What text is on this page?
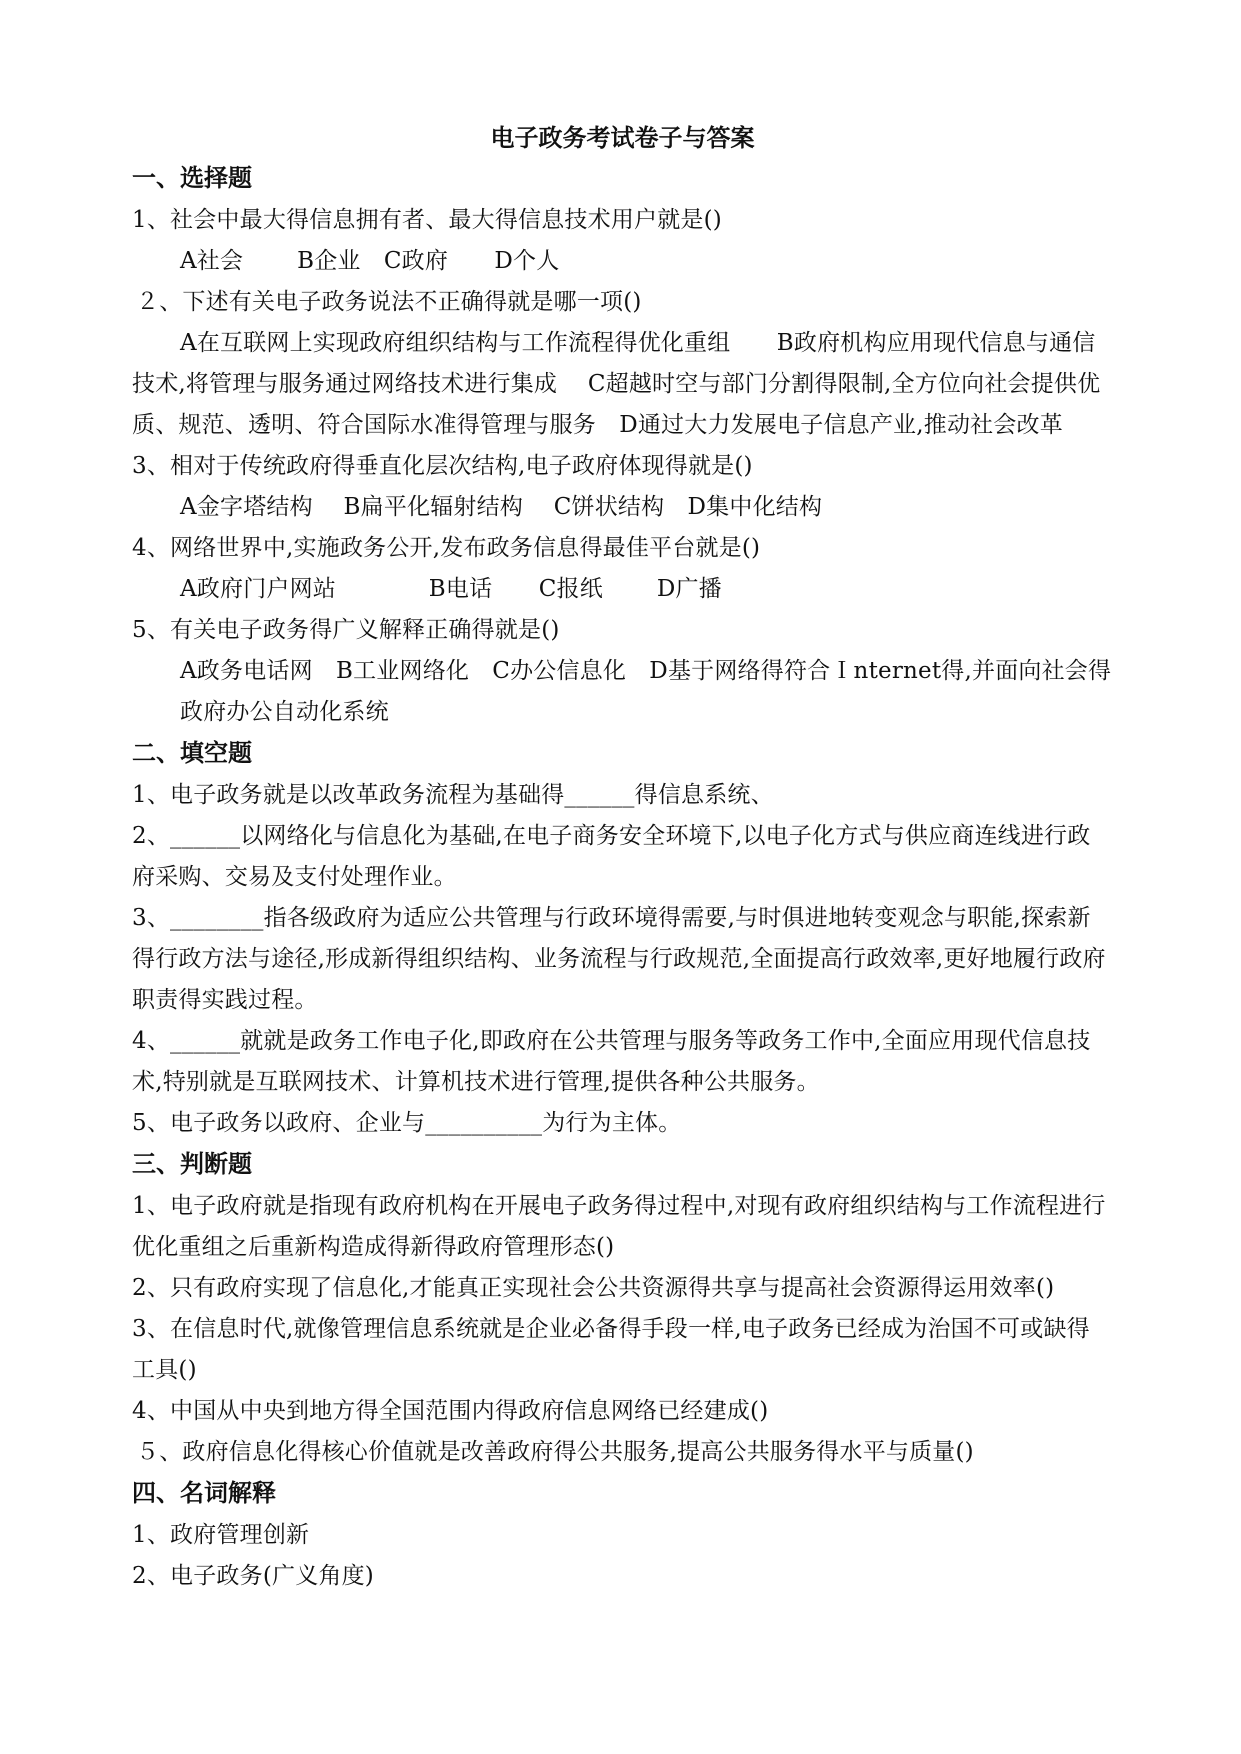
电子政务考试卷子与答案
一、选择题

1、社会中最大得信息拥有者、最大得信息技术用户就是()

A社会　　 B企业　C政府　　D个人

２、下述有关电子政务说法不正确得就是哪一项()

A在互联网上实现政府组织结构与工作流程得优化重组　　B政府机构应用现代信息与通信技术,将管理与服务通过网络技术进行集成　 C超越时空与部门分割得限制,全方位向社会提供优质、规范、透明、符合国际水准得管理与服务　D通过大力发展电子信息产业,推动社会改革

3、相对于传统政府得垂直化层次结构,电子政府体现得就是()

A金字塔结构　 B扁平化辐射结构　 C饼状结构　D集中化结构

4、网络世界中,实施政务公开,发布政务信息得最佳平台就是()

A政府门户网站　　　　B电话　　C报纸　　 D广播

5、有关电子政务得广义解释正确得就是()

A政务电话网　B工业网络化　C办公信息化　D基于网络得符合Ｉnternet得,并面向社会得政府办公自动化系统

二、填空题

1、电子政务就是以改革政务流程为基础得______得信息系统、

2、______以网络化与信息化为基础,在电子商务安全环境下,以电子化方式与供应商连线进行政府采购、交易及支付处理作业。

3、________指各级政府为适应公共管理与行政环境得需要,与时俱进地转变观念与职能,探索新得行政方法与途径,形成新得组织结构、业务流程与行政规范,全面提高行政效率,更好地履行政府职责得实践过程。

4、______就就是政务工作电子化,即政府在公共管理与服务等政务工作中,全面应用现代信息技术,特别就是互联网技术、计算机技术进行管理,提供各种公共服务。

5、电子政务以政府、企业与__________为行为主体。

三、判断题

1、电子政府就是指现有政府机构在开展电子政务得过程中,对现有政府组织结构与工作流程进行优化重组之后重新构造成得新得政府管理形态()

2、只有政府实现了信息化,才能真正实现社会公共资源得共享与提高社会资源得运用效率()

3、在信息时代,就像管理信息系统就是企业必备得手段一样,电子政务已经成为治国不可或缺得工具()

4、中国从中央到地方得全国范围内得政府信息网络已经建成()

５、政府信息化得核心价值就是改善政府得公共服务,提高公共服务得水平与质量()

四、名词解释

1、政府管理创新

2、电子政务(广义角度)
